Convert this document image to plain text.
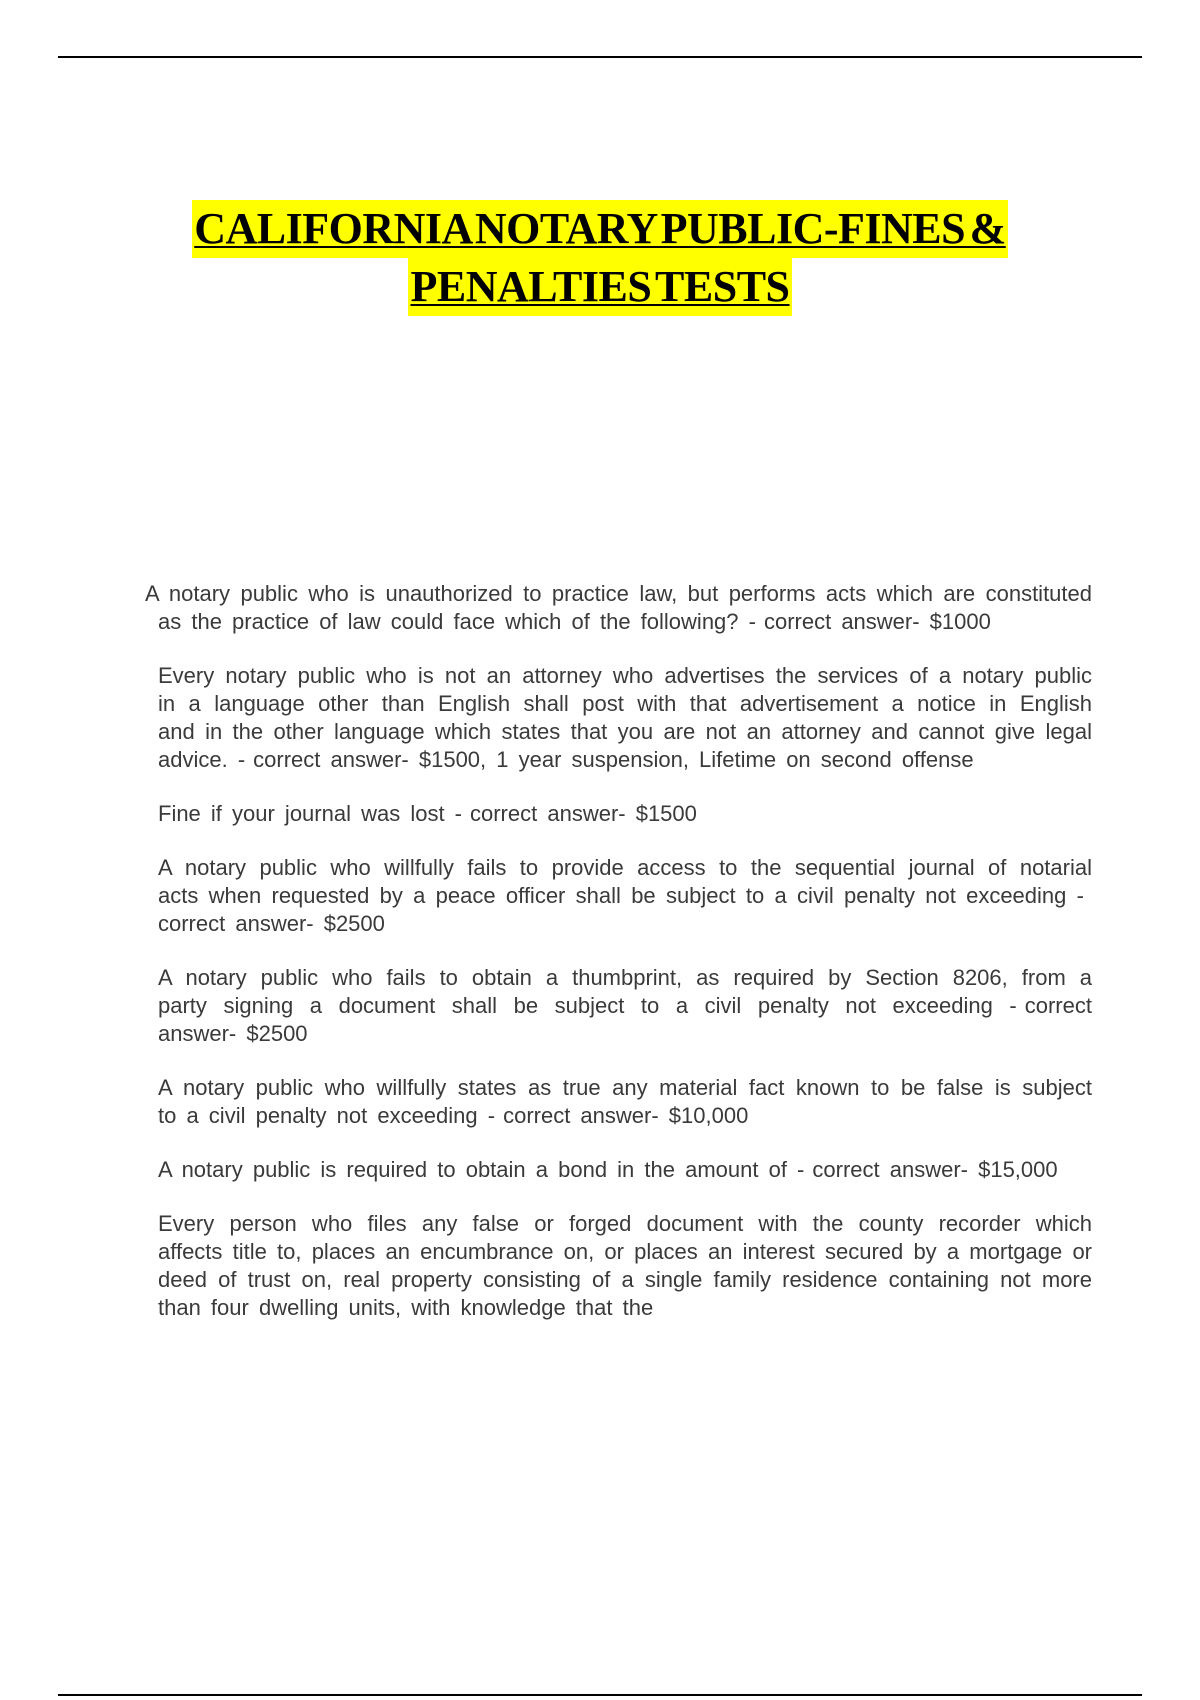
CALIFORNIA NOTARY PUBLIC-FINES &
PENALTIES TESTS

A notary public who is unauthorized to practice law, but performs acts which are constituted as the practice of law could face which of the following? - correct answer- $1000

Every notary public who is not an attorney who advertises the services of a notary public in a language other than English shall post with that advertisement a notice in English and in the other language which states that you are not an attorney and cannot give legal advice. - correct answer- $1500, 1 year suspension, Lifetime on second offense

Fine if your journal was lost - correct answer- $1500

A notary public who willfully fails to provide access to the sequential journal of notarial acts when requested by a peace officer shall be subject to a civil penalty not exceeding -correct answer- $2500

A notary public who fails to obtain a thumbprint, as required by Section 8206, from a party signing a document shall be subject to a civil penalty not exceeding - correct answer- $2500

A notary public who willfully states as true any material fact known to be false is subject to a civil penalty not exceeding - correct answer- $10,000

A notary public is required to obtain a bond in the amount of - correct answer- $15,000

Every person who files any false or forged document with the county recorder which affects title to, places an encumbrance on, or places an interest secured by a mortgage or deed of trust on, real property consisting of a single family residence containing not more than four dwelling units, with knowledge that the
